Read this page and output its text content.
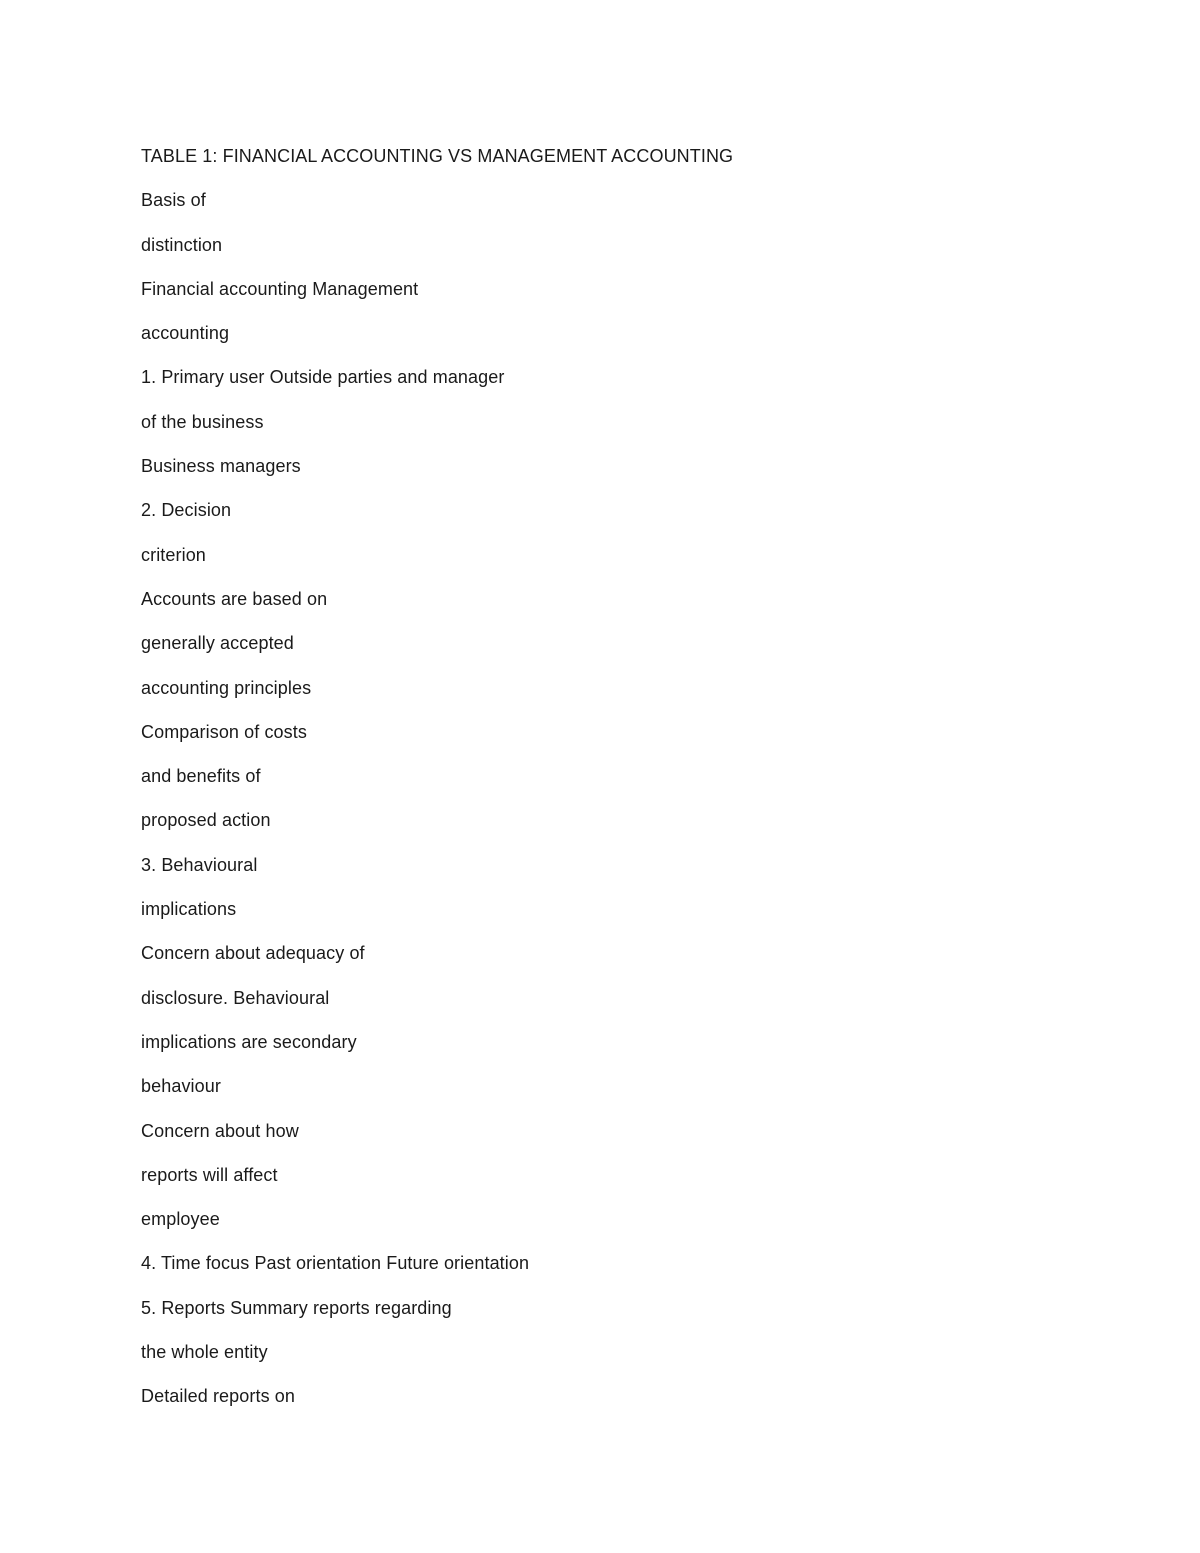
TABLE 1: FINANCIAL ACCOUNTING VS MANAGEMENT ACCOUNTING
Basis of
distinction
Financial accounting Management
accounting
1. Primary user Outside parties and manager
of the business
Business managers
2. Decision
criterion
Accounts are based on
generally accepted
accounting principles
Comparison of costs
and benefits of
proposed action
3. Behavioural
implications
Concern about adequacy of
disclosure. Behavioural
implications are secondary
behaviour
Concern about how
reports will affect
employee
4. Time focus Past orientation Future orientation
5. Reports Summary reports regarding
the whole entity
Detailed reports on
